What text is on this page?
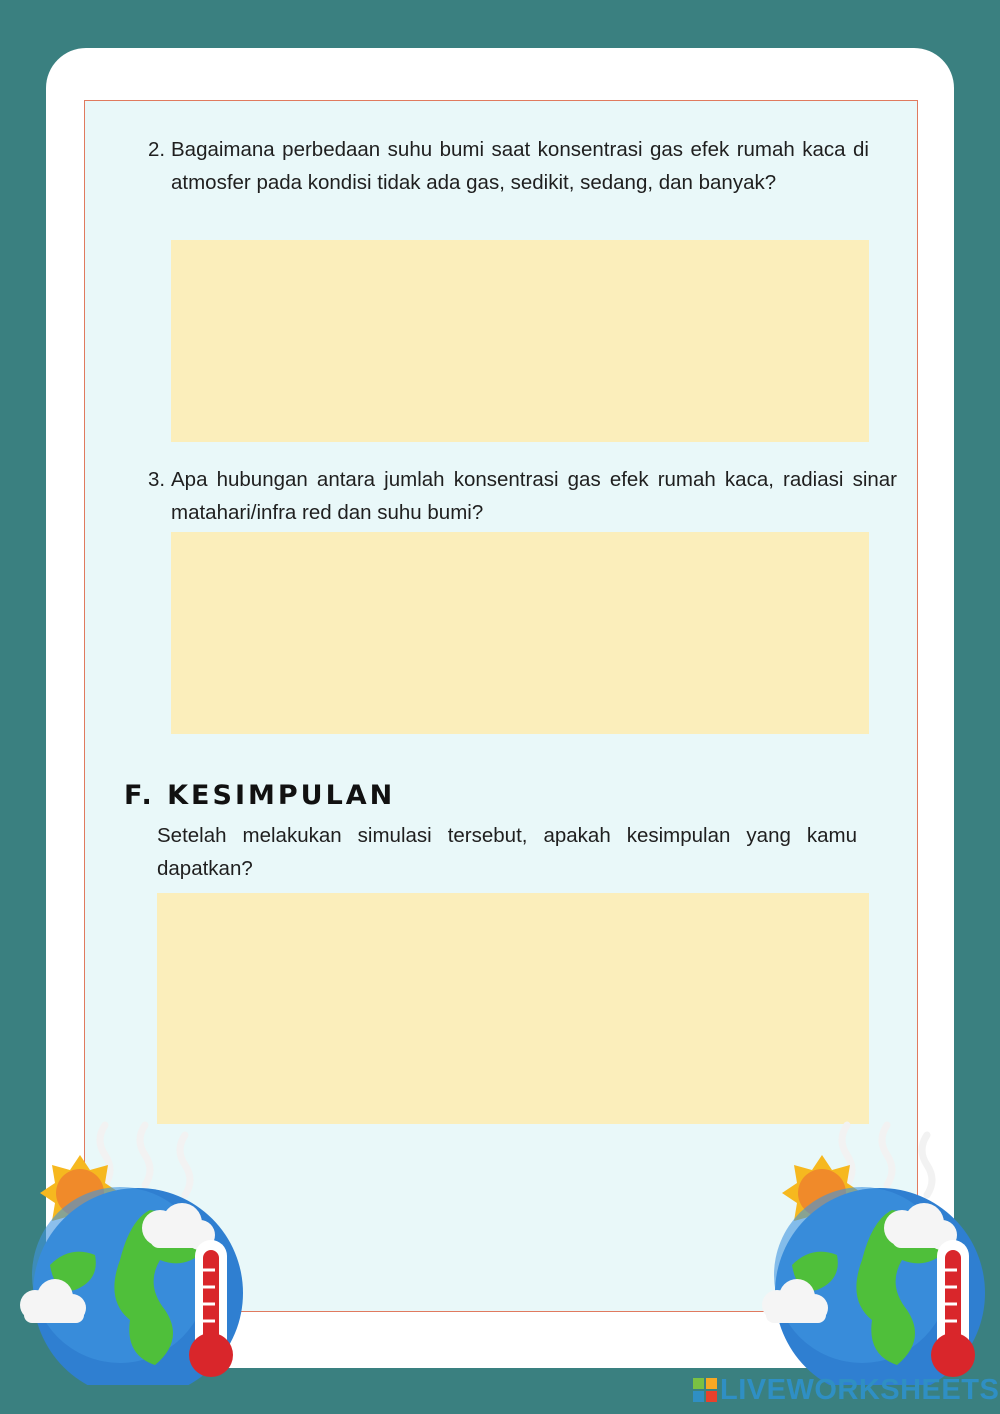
2. Bagaimana perbedaan suhu bumi saat konsentrasi gas efek rumah kaca di atmosfer pada kondisi tidak ada gas, sedikit, sedang, dan banyak?
3. Apa hubungan antara jumlah konsentrasi gas efek rumah kaca, radiasi sinar matahari/infra red dan suhu bumi?
F. KESIMPULAN
Setelah melakukan simulasi tersebut, apakah kesimpulan yang kamu dapatkan?
LIVEWORKSHEETS
